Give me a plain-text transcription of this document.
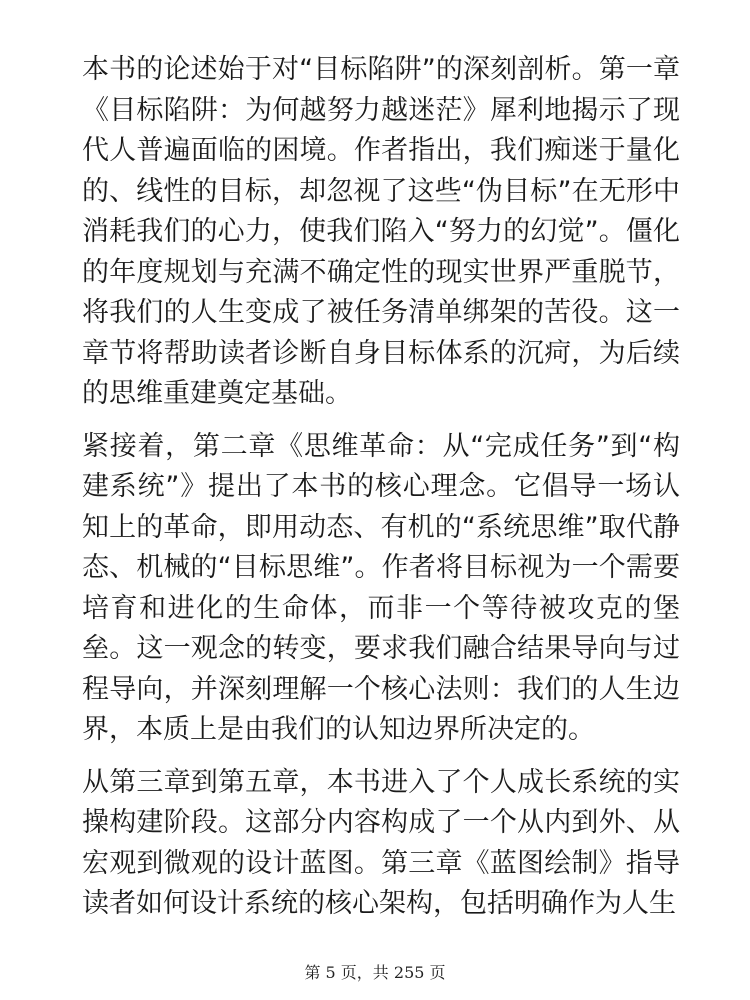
本书的论述始于对“目标陷阱”的深刻剖析。第一章《目标陷阱：为何越努力越迷茫》犀利地揭示了现代人普遍面临的困境。作者指出，我们痴迷于量化的、线性的目标，却忽视了这些“伪目标”在无形中消耗我们的心力，使我们陷入“努力的幻觉”。僵化的年度规划与充满不确定性的现实世界严重脱节，将我们的人生变成了被任务清单绑架的苦役。这一章节将帮助读者诊断自身目标体系的沉疴，为后续的思维重建奠定基础。

紧接着，第二章《思维革命：从“完成任务”到“构建系统”》提出了本书的核心理念。它倡导一场认知上的革命，即用动态、有机的“系统思维”取代静态、机械的“目标思维”。作者将目标视为一个需要培育和进化的生命体，而非一个等待被攻克的堡垒。这一观念的转变，要求我们融合结果导向与过程导向，并深刻理解一个核心法则：我们的人生边界，本质上是由我们的认知边界所决定的。

从第三章到第五章，本书进入了个人成长系统的实操构建阶段。这部分内容构成了一个从内到外、从宏观到微观的设计蓝图。第三章《蓝图绘制》指导读者如何设计系统的核心架构，包括明确作为人生

第 5 页，共 255 页
